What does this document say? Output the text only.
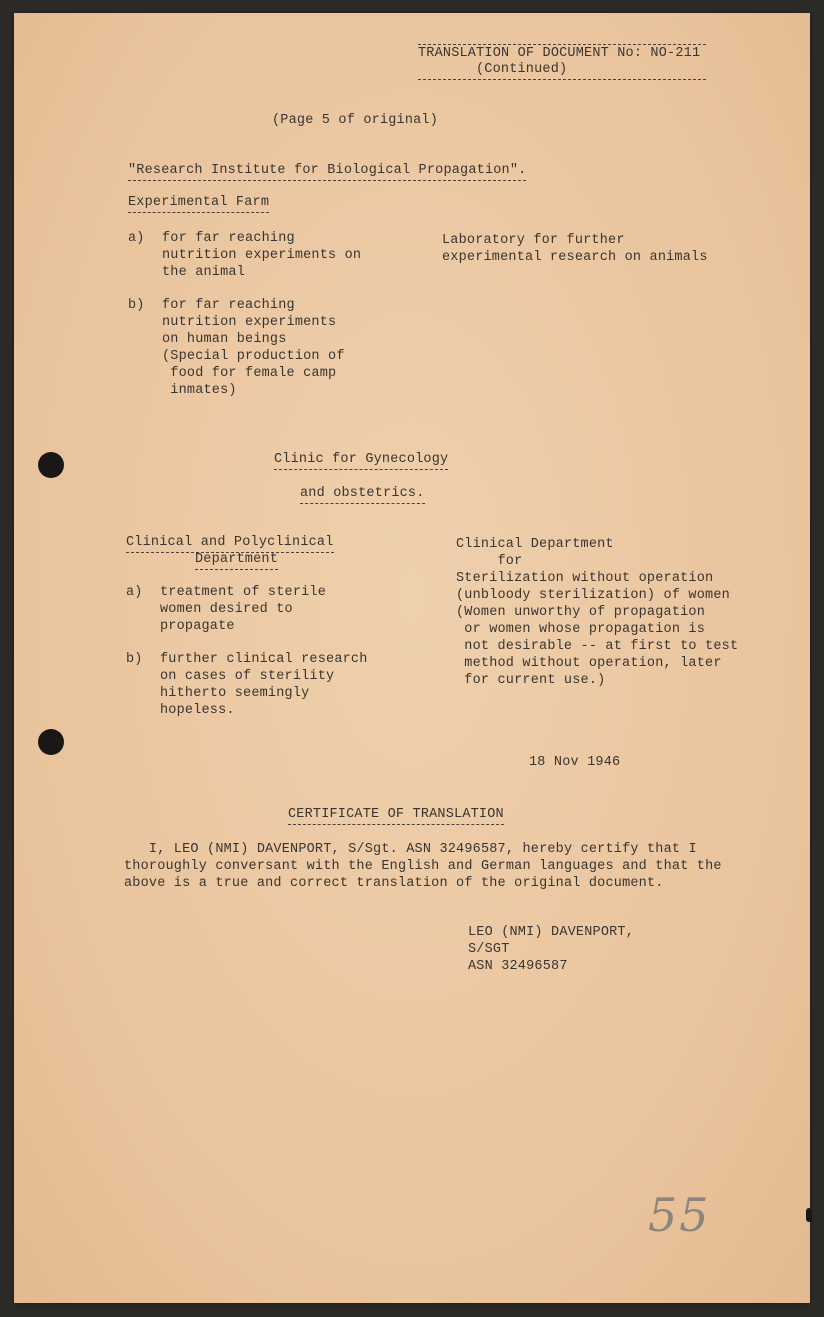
TRANSLATION OF DOCUMENT No: NO-211
(Continued)
(Page 5 of original)
"Research Institute for Biological Propagation".
Experimental Farm
a) for far reaching
nutrition experiments on
the animal
b) for far reaching
nutrition experiments
on human beings
(Special production of
food for female camp
inmates)
Laboratory for further
experimental research on animals
Clinic for Gynecology
and obstetrics.
Clinical and Polyclinical
Department
a) treatment of sterile
women desired to
propagate
b) further clinical research
on cases of sterility
hitherto seemingly
hopeless.
Clinical Department
for
Sterilization without operation
(unbloody sterilization) of women
(Women unworthy of propagation
or women whose propagation is
not desirable -- at first to test
method without operation, later
for current use.)
18 Nov 1946
CERTIFICATE OF TRANSLATION
I, LEO (NMI) DAVENPORT, S/Sgt. ASN 32496587, hereby certify that I
thoroughly conversant with the English and German languages and that the
above is a true and correct translation of the original document.
LEO (NMI) DAVENPORT,
S/SGT
ASN 32496587
55
